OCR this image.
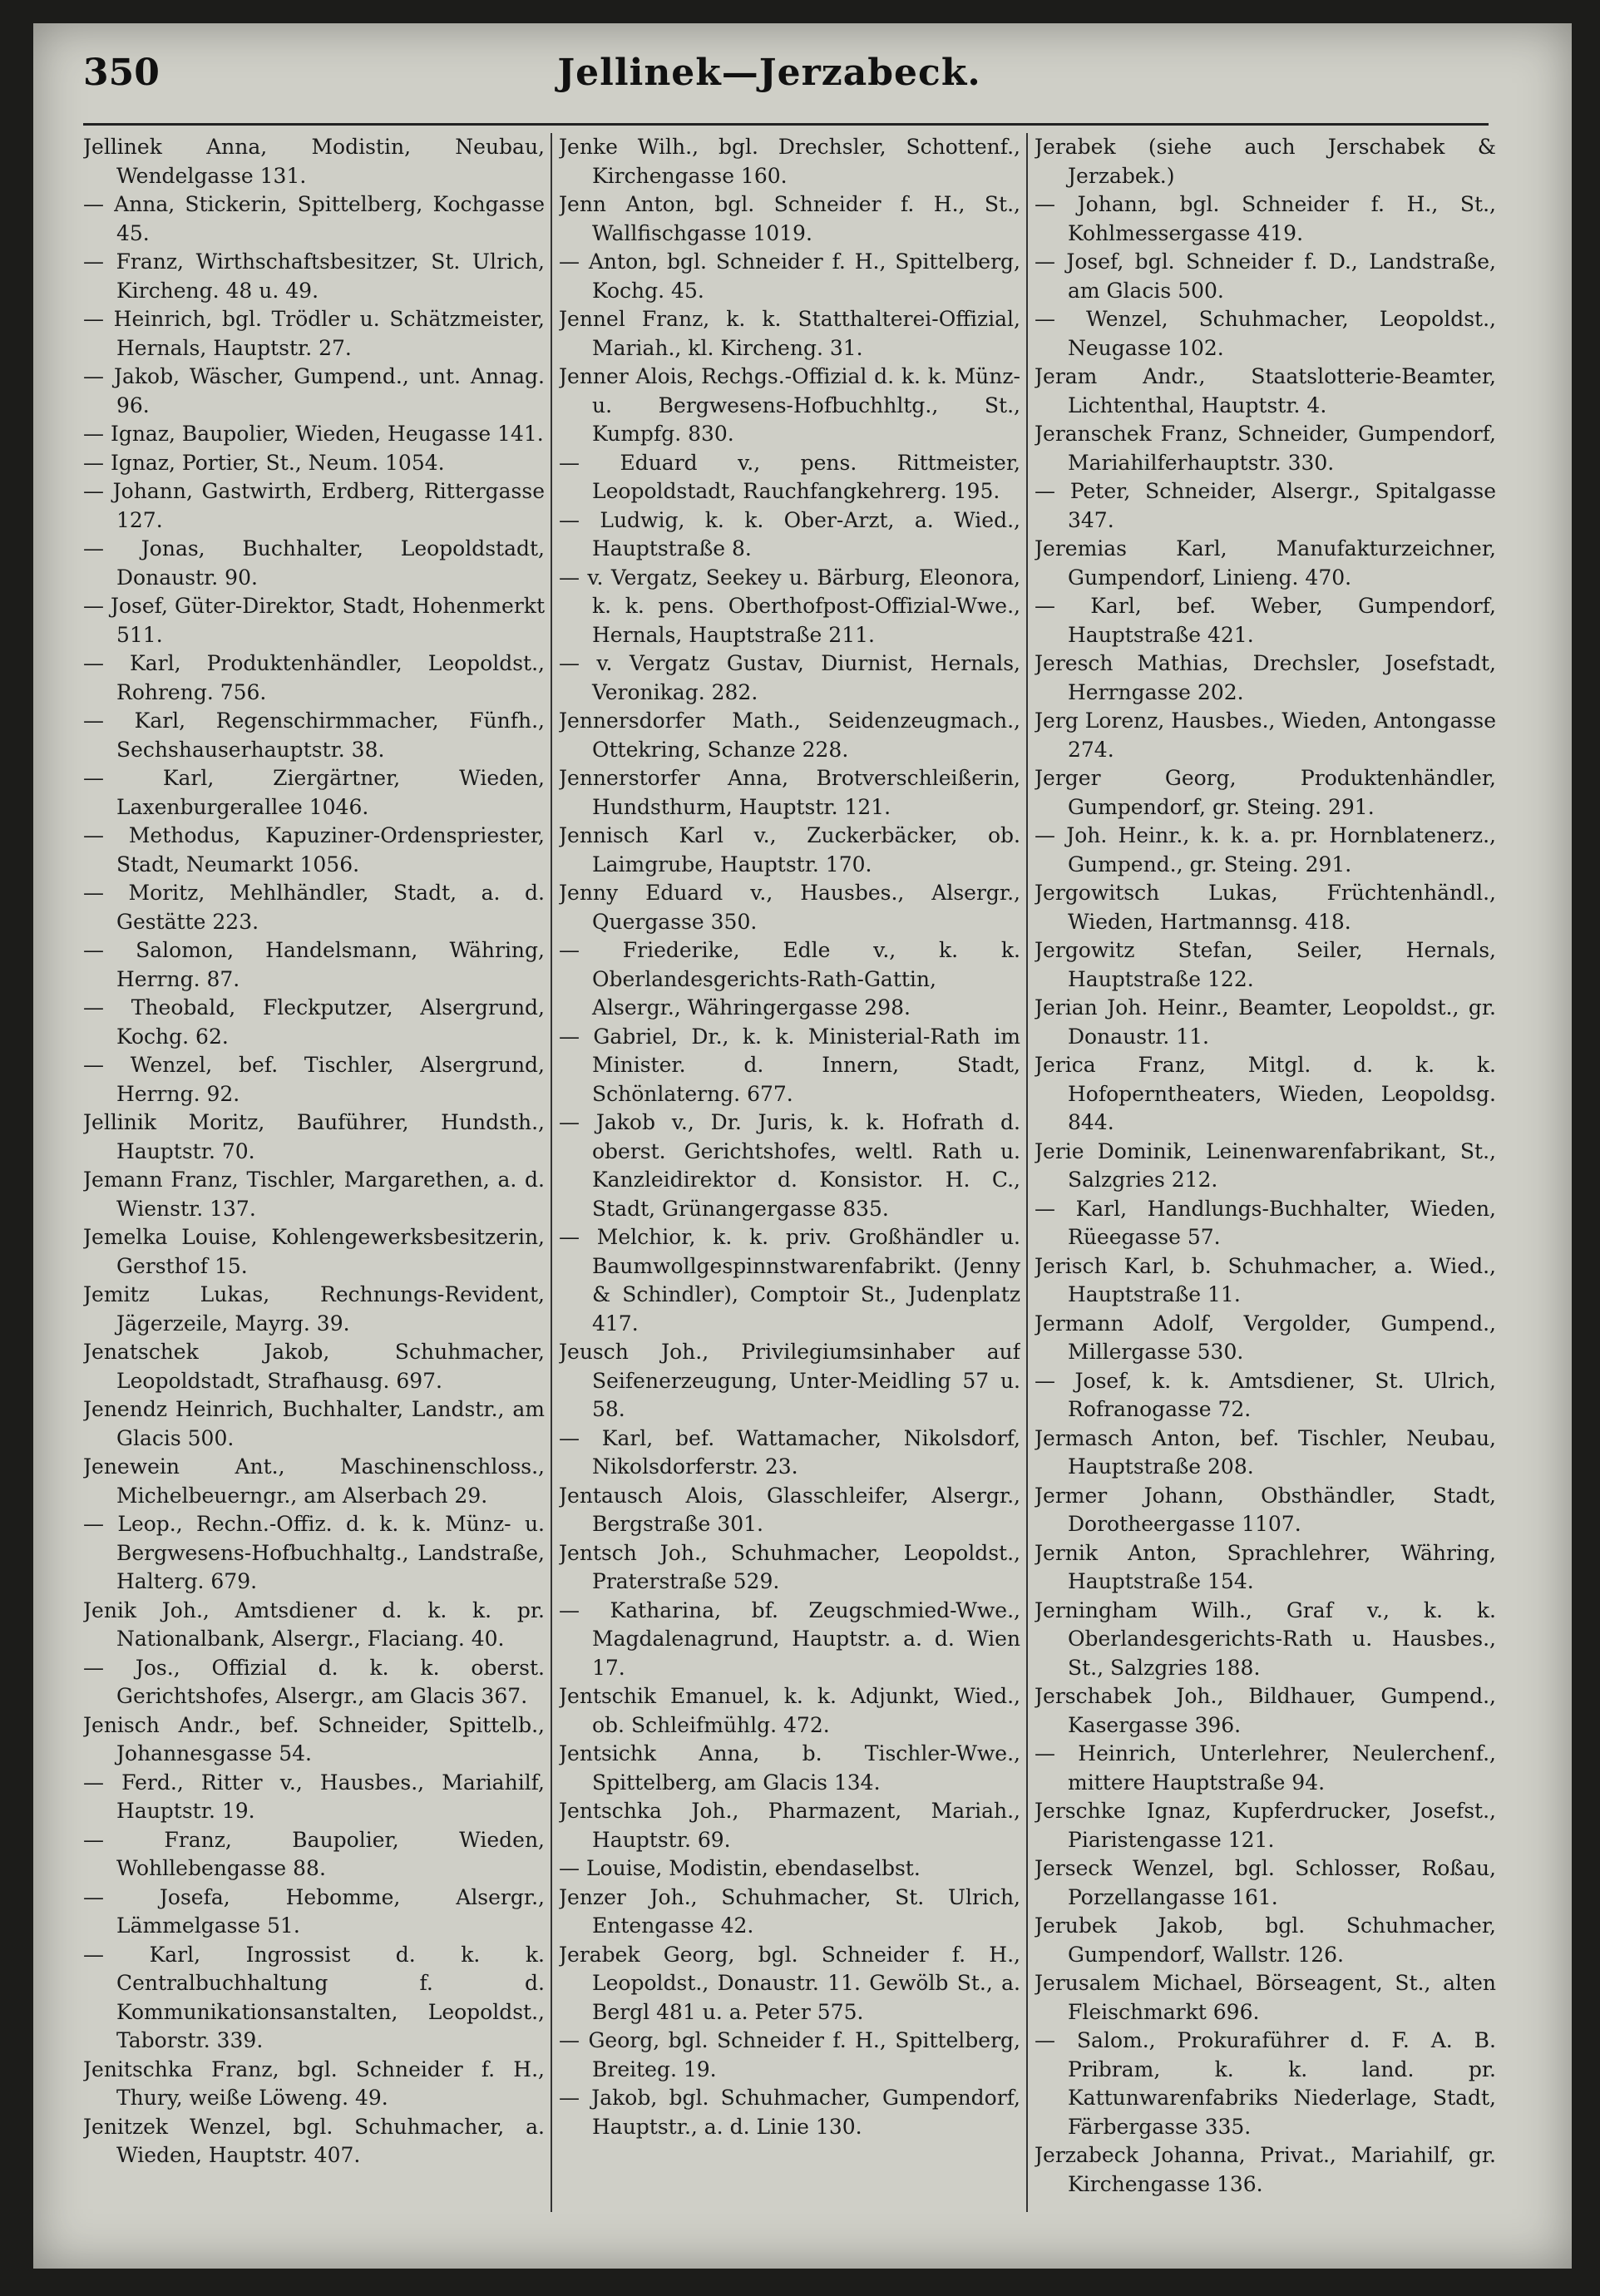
350	Jellinek—Jerzabeck.

Jellinek Anna, Modistin, Neubau, Wendelgasse 131.

— Anna, Stickerin, Spittelberg, Kochgasse 45.

— Franz, Wirthschaftsbesitzer, St. Ulrich, Kircheng. 48 u. 49.

— Heinrich, bgl. Trödler u. Schätzmeister, Hernals, Hauptstr. 27.

— Jakob, Wäscher, Gumpend., unt. Annag. 96.

— Ignaz, Baupolier, Wieden, Heugasse 141.

— Ignaz, Portier, St., Neum. 1054.

— Johann, Gastwirth, Erdberg, Rittergasse 127.

— Jonas, Buchhalter, Leopoldstadt, Donaustr. 90.

— Josef, Güter-Direktor, Stadt, Hohenmerkt 511.

— Karl, Produktenhändler, Leopoldst., Rohreng. 756.

— Karl, Regenschirmmacher, Fünfh., Sechshauserhauptstr. 38.

— Karl, Ziergärtner, Wieden, Laxenburgerallee 1046.

— Methodus, Kapuziner-Ordenspriester, Stadt, Neumarkt 1056.

— Moritz, Mehlhändler, Stadt, a. d. Gestätte 223.

— Salomon, Handelsmann, Währing, Herrng. 87.

— Theobald, Fleckputzer, Alsergrund, Kochg. 62.

— Wenzel, bef. Tischler, Alsergrund, Herrng. 92.

Jellinik Moritz, Bauführer, Hundsth., Hauptstr. 70.

Jemann Franz, Tischler, Margarethen, a. d. Wienstr. 137.

Jemelka Louise, Kohlengewerksbesitzerin, Gersthof 15.

Jemitz Lukas, Rechnungs-Revident, Jägerzeile, Mayrg. 39.

Jenatschek Jakob, Schuhmacher, Leopoldstadt, Strafhausg. 697.

Jenendz Heinrich, Buchhalter, Landstr., am Glacis 500.

Jenewein Ant., Maschinenschloss., Michelbeuerngr., am Alserbach 29.

— Leop., Rechn.-Offiz. d. k. k. Münz- u. Bergwesens-Hofbuchhaltg., Landstraße, Halterg. 679.

Jenik Joh., Amtsdiener d. k. k. pr. Nationalbank, Alsergr., Flaciang. 40.

— Jos., Offizial d. k. k. oberst. Gerichtshofes, Alsergr., am Glacis 367.

Jenisch Andr., bef. Schneider, Spittelb., Johannesgasse 54.

— Ferd., Ritter v., Hausbes., Mariahilf, Hauptstr. 19.

— Franz, Baupolier, Wieden, Wohllebengasse 88.

— Josefa, Hebomme, Alsergr., Lämmelgasse 51.

— Karl, Ingrossist d. k. k. Centralbuchhaltung f. d. Kommunikationsanstalten, Leopoldst., Taborstr. 339.

Jenitschka Franz, bgl. Schneider f. H., Thury, weiße Löweng. 49.

Jenitzek Wenzel, bgl. Schuhmacher, a. Wieden, Hauptstr. 407.

Jenke Wilh., bgl. Drechsler, Schottenf., Kirchengasse 160.

Jenn Anton, bgl. Schneider f. H., St., Wallfischgasse 1019.

— Anton, bgl. Schneider f. H., Spittelberg, Kochg. 45.

Jennel Franz, k. k. Statthalterei-Offizial, Mariah., kl. Kircheng. 31.

Jenner Alois, Rechgs.-Offizial d. k. k. Münz- u. Bergwesens-Hofbuchhltg., St., Kumpfg. 830.

— Eduard v., pens. Rittmeister, Leopoldstadt, Rauchfangkehrerg. 195.

— Ludwig, k. k. Ober-Arzt, a. Wied., Hauptstraße 8.

— v. Vergatz, Seekey u. Bärburg, Eleonora, k. k. pens. Oberthofpost-Offizial-Wwe., Hernals, Hauptstraße 211.

— v. Vergatz Gustav, Diurnist, Hernals, Veronikag. 282.

Jennersdorfer Math., Seidenzeugmach., Ottekring, Schanze 228.

Jennerstorfer Anna, Brotverschleißerin, Hundsthurm, Hauptstr. 121.

Jennisch Karl v., Zuckerbäcker, ob. Laimgrube, Hauptstr. 170.

Jenny Eduard v., Hausbes., Alsergr., Quergasse 350.

— Friederike, Edle v., k. k. Oberlandesgerichts-Rath-Gattin, Alsergr., Währingergasse 298.

— Gabriel, Dr., k. k. Ministerial-Rath im Minister. d. Innern, Stadt, Schönlaterng. 677.

— Jakob v., Dr. Juris, k. k. Hofrath d. oberst. Gerichtshofes, weltl. Rath u. Kanzleidirektor d. Konsistor. H. C., Stadt, Grünangergasse 835.

— Melchior, k. k. priv. Großhändler u. Baumwollgespinnstwarenfabrikt. (Jenny & Schindler), Comptoir St., Judenplatz 417.

Jeusch Joh., Privilegiumsinhaber auf Seifenerzeugung, Unter-Meidling 57 u. 58.

— Karl, bef. Wattamacher, Nikolsdorf, Nikolsdorferstr. 23.

Jentausch Alois, Glasschleifer, Alsergr., Bergstraße 301.

Jentsch Joh., Schuhmacher, Leopoldst., Praterstraße 529.

— Katharina, bf. Zeugschmied-Wwe., Magdalenagrund, Hauptstr. a. d. Wien 17.

Jentschik Emanuel, k. k. Adjunkt, Wied., ob. Schleifmühlg. 472.

Jentsichk Anna, b. Tischler-Wwe., Spittelberg, am Glacis 134.

Jentschka Joh., Pharmazent, Mariah., Hauptstr. 69.

— Louise, Modistin, ebendaselbst.

Jenzer Joh., Schuhmacher, St. Ulrich, Entengasse 42.

Jerabek Georg, bgl. Schneider f. H., Leopoldst., Donaustr. 11. Gewölb St., a. Bergl 481 u. a. Peter 575.

— Georg, bgl. Schneider f. H., Spittelberg, Breiteg. 19.

— Jakob, bgl. Schuhmacher, Gumpendorf, Hauptstr., a. d. Linie 130.

Jerabek (siehe auch Jerschabek & Jerzabek.)

— Johann, bgl. Schneider f. H., St., Kohlmessergasse 419.

— Josef, bgl. Schneider f. D., Landstraße, am Glacis 500.

— Wenzel, Schuhmacher, Leopoldst., Neugasse 102.

Jeram Andr., Staatslotterie-Beamter, Lichtenthal, Hauptstr. 4.

Jeranschek Franz, Schneider, Gumpendorf, Mariahilferhauptstr. 330.

— Peter, Schneider, Alsergr., Spitalgasse 347.

Jeremias Karl, Manufakturzeichner, Gumpendorf, Linieng. 470.

— Karl, bef. Weber, Gumpendorf, Hauptstraße 421.

Jeresch Mathias, Drechsler, Josefstadt, Herrngasse 202.

Jerg Lorenz, Hausbes., Wieden, Antongasse 274.

Jerger Georg, Produktenhändler, Gumpendorf, gr. Steing. 291.

— Joh. Heinr., k. k. a. pr. Hornblatenerz., Gumpend., gr. Steing. 291.

Jergowitsch Lukas, Früchtenhändl., Wieden, Hartmannsg. 418.

Jergowitz Stefan, Seiler, Hernals, Hauptstraße 122.

Jerian Joh. Heinr., Beamter, Leopoldst., gr. Donaustr. 11.

Jerica Franz, Mitgl. d. k. k. Hofoperntheaters, Wieden, Leopoldsg. 844.

Jerie Dominik, Leinenwarenfabrikant, St., Salzgries 212.

— Karl, Handlungs-Buchhalter, Wieden, Rüeegasse 57.

Jerisch Karl, b. Schuhmacher, a. Wied., Hauptstraße 11.

Jermann Adolf, Vergolder, Gumpend., Millergasse 530.

— Josef, k. k. Amtsdiener, St. Ulrich, Rofranogasse 72.

Jermasch Anton, bef. Tischler, Neubau, Hauptstraße 208.

Jermer Johann, Obsthändler, Stadt, Dorotheergasse 1107.

Jernik Anton, Sprachlehrer, Währing, Hauptstraße 154.

Jerningham Wilh., Graf v., k. k. Oberlandesgerichts-Rath u. Hausbes., St., Salzgries 188.

Jerschabek Joh., Bildhauer, Gumpend., Kasergasse 396.

— Heinrich, Unterlehrer, Neulerchenf., mittere Hauptstraße 94.

Jerschke Ignaz, Kupferdrucker, Josefst., Piaristengasse 121.

Jerseck Wenzel, bgl. Schlosser, Roßau, Porzellangasse 161.

Jerubek Jakob, bgl. Schuhmacher, Gumpendorf, Wallstr. 126.

Jerusalem Michael, Börseagent, St., alten Fleischmarkt 696.

— Salom., Prokuraführer d. F. A. B. Pribram, k. k. land. pr. Kattunwarenfabriks Niederlage, Stadt, Färbergasse 335.

Jerzabeck Johanna, Privat., Mariahilf, gr. Kirchengasse 136.
